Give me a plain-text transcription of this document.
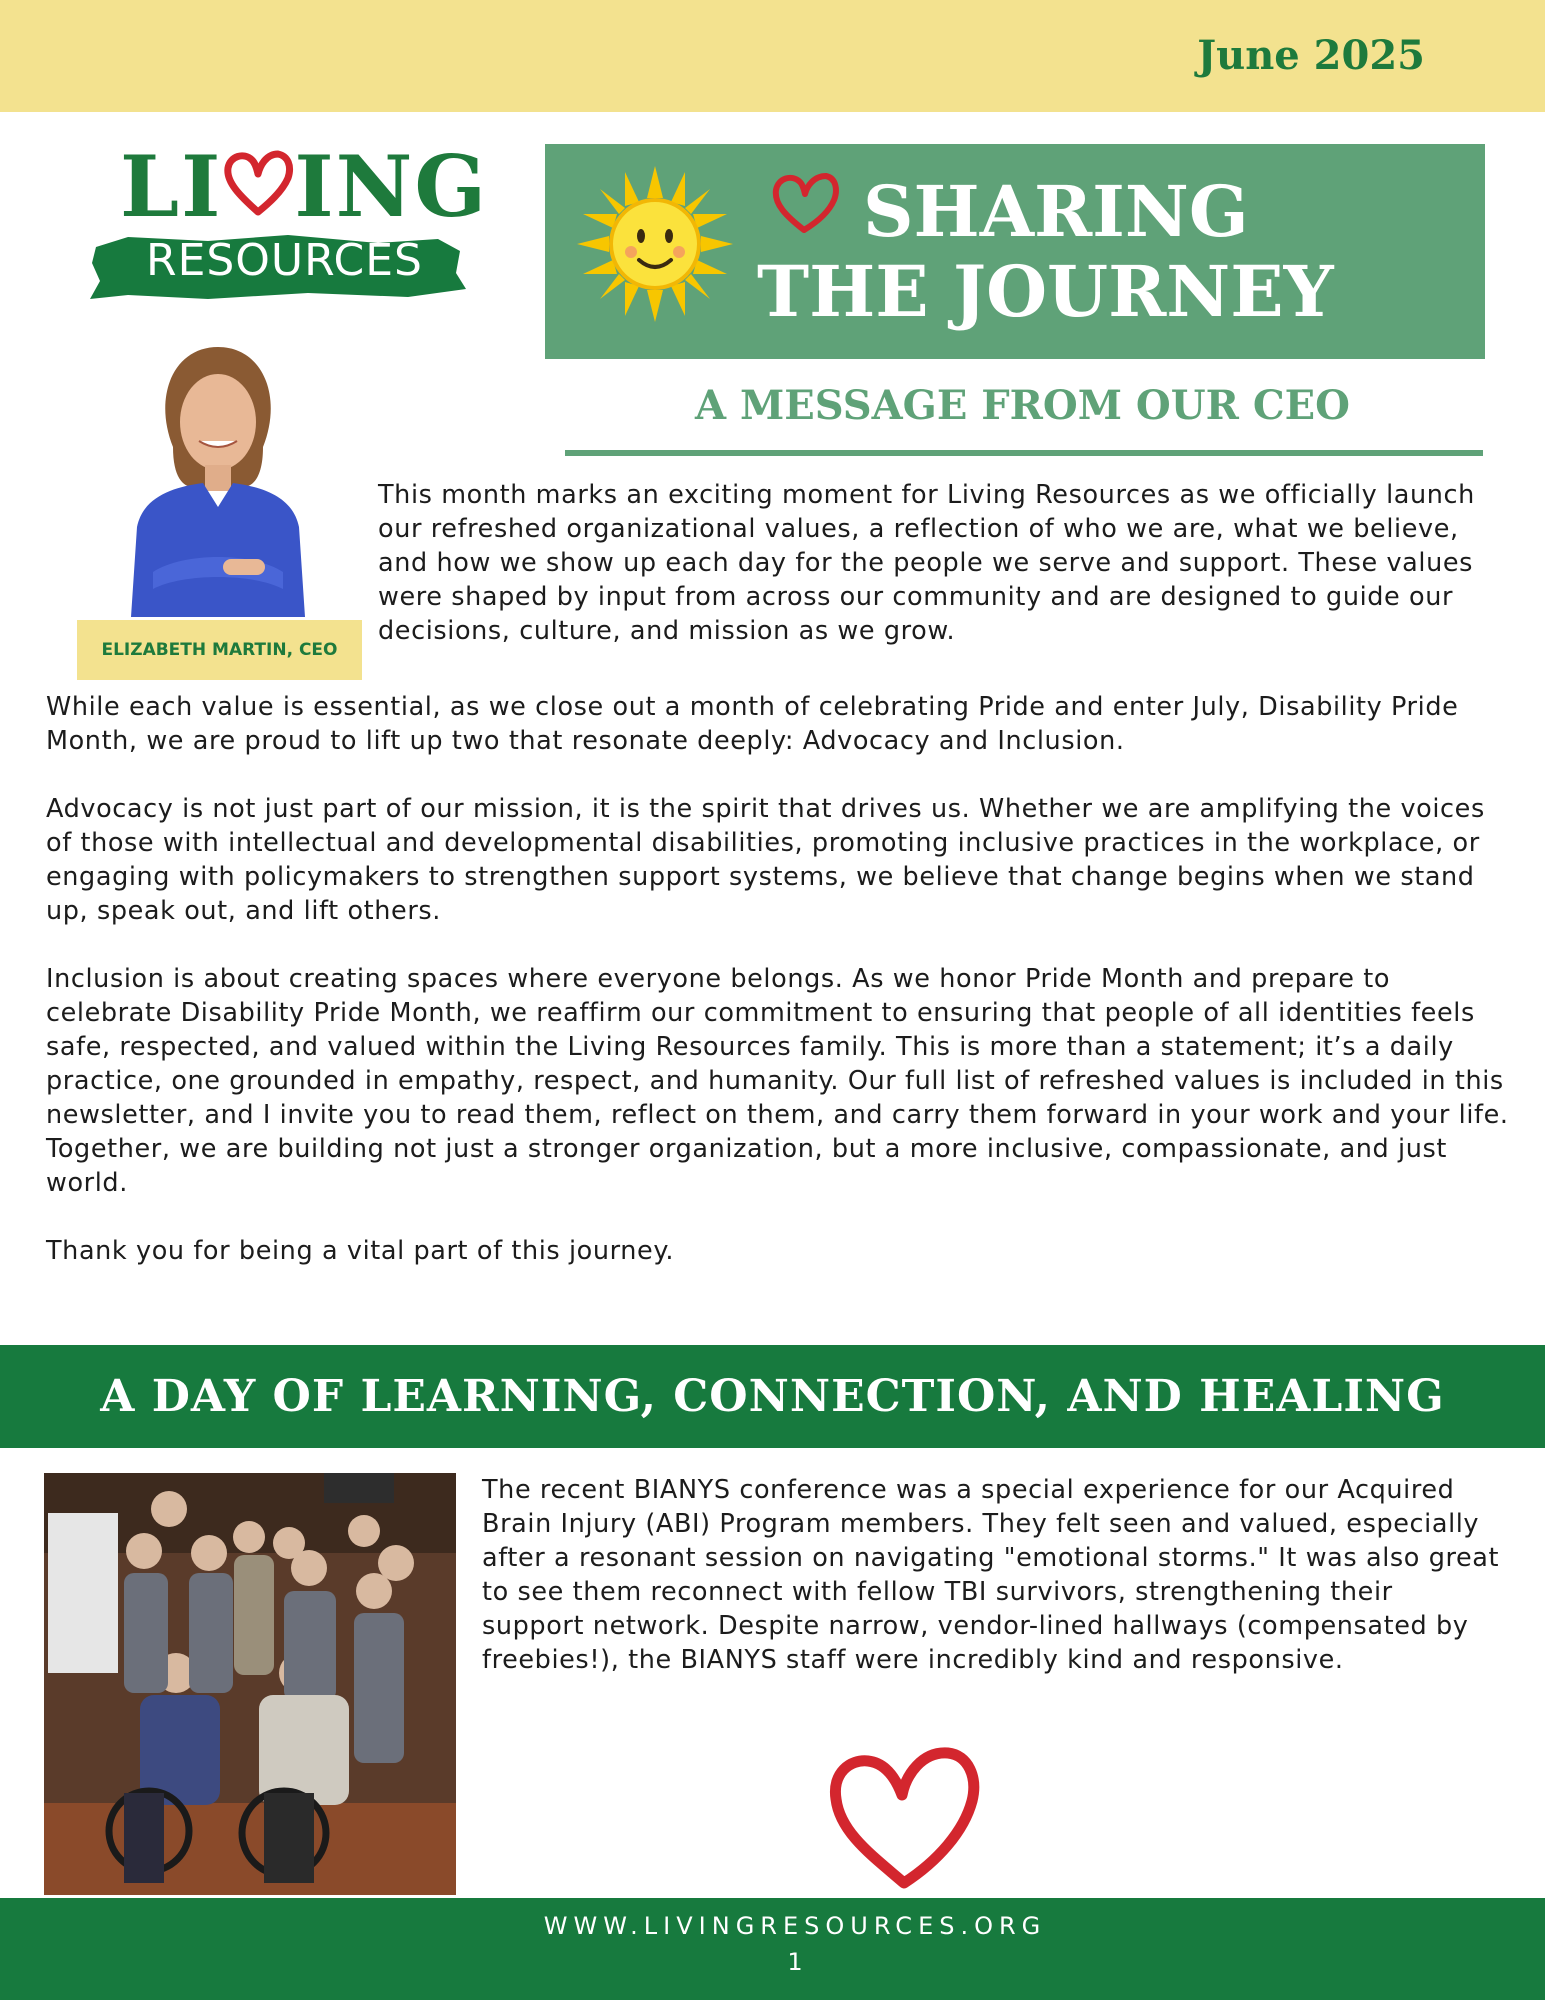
June 2025
LI ING
RESOURCES
SHARING
THE JOURNEY
A MESSAGE FROM OUR CEO
ELIZABETH MARTIN, CEO
This month marks an exciting moment for Living Resources as we officially launch our refreshed organizational values, a reflection of who we are, what we believe, and how we show up each day for the people we serve and support. These values were shaped by input from across our community and are designed to guide our decisions, culture, and mission as we grow.

While each value is essential, as we close out a month of celebrating Pride and enter July, Disability Pride Month, we are proud to lift up two that resonate deeply: Advocacy and Inclusion.

Advocacy is not just part of our mission, it is the spirit that drives us. Whether we are amplifying the voices of those with intellectual and developmental disabilities, promoting inclusive practices in the workplace, or engaging with policymakers to strengthen support systems, we believe that change begins when we stand up, speak out, and lift others.

Inclusion is about creating spaces where everyone belongs. As we honor Pride Month and prepare to celebrate Disability Pride Month, we reaffirm our commitment to ensuring that people of all identities feels safe, respected, and valued within the Living Resources family. This is more than a statement; it’s a daily practice, one grounded in empathy, respect, and humanity. Our full list of refreshed values is included in this newsletter, and I invite you to read them, reflect on them, and carry them forward in your work and your life. Together, we are building not just a stronger organization, but a more inclusive, compassionate, and just world.

Thank you for being a vital part of this journey.

A DAY OF LEARNING, CONNECTION, AND HEALING
The recent BIANYS conference was a special experience for our Acquired Brain Injury (ABI) Program members. They felt seen and valued, especially after a resonant session on navigating "emotional storms." It was also great to see them reconnect with fellow TBI survivors, strengthening their support network. Despite narrow, vendor-lined hallways (compensated by freebies!), the BIANYS staff were incredibly kind and responsive.
WWW.LIVINGRESOURCES.ORG
1
